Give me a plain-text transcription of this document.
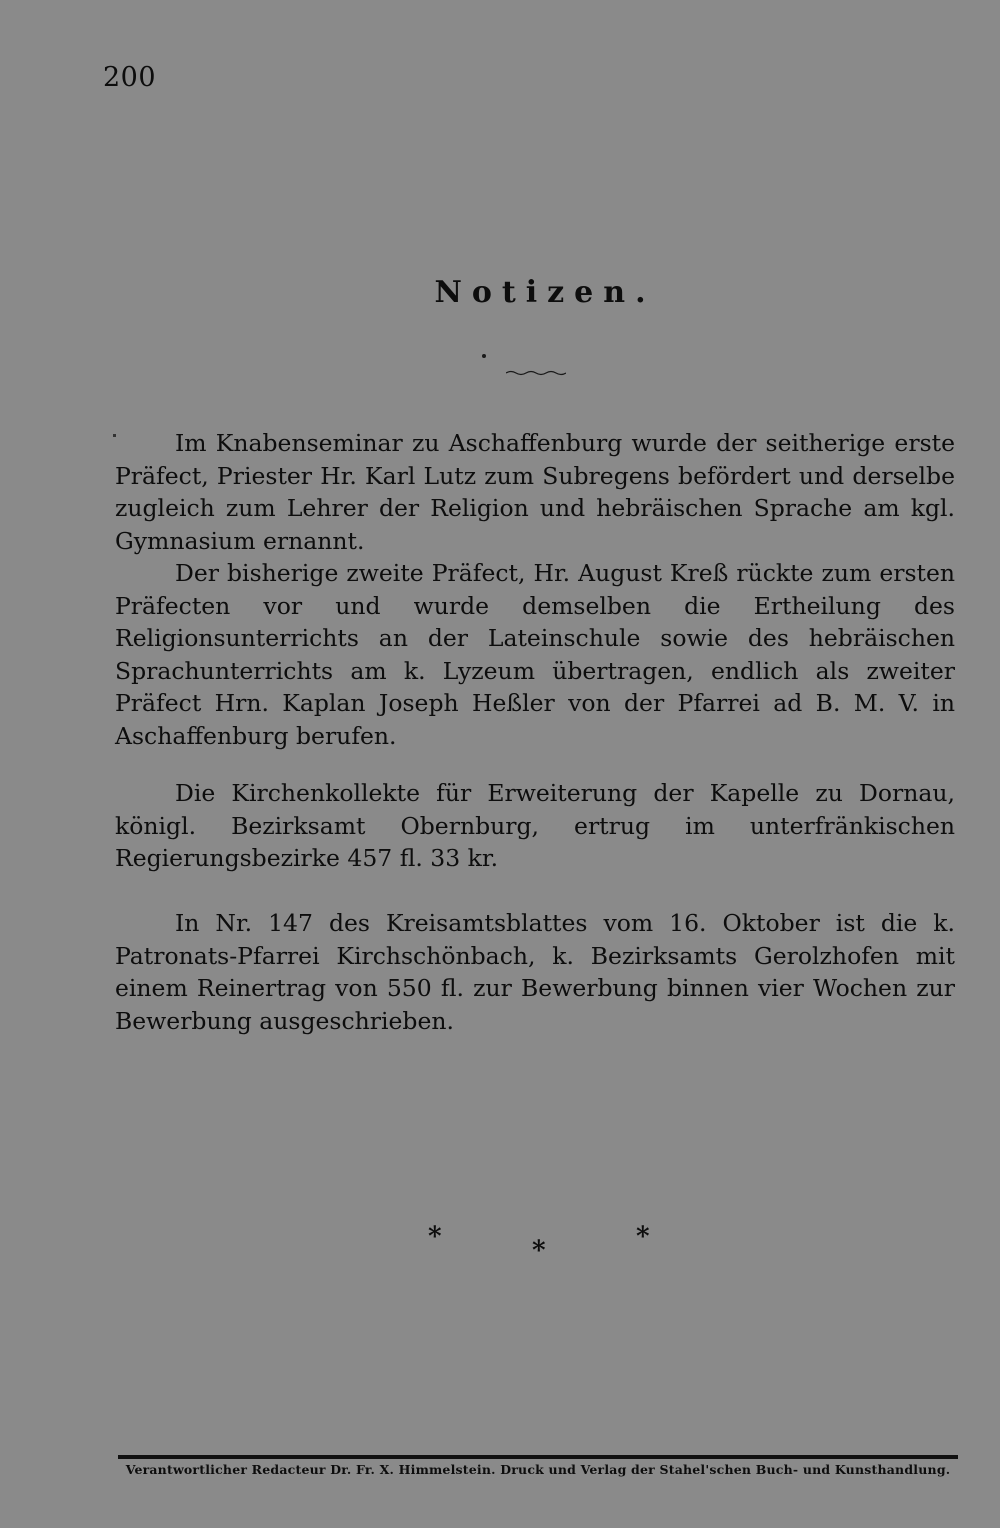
200
Notizen.

Im Knabenseminar zu Aschaffenburg wurde der seitherige erste Präfect, Priester Hr. Karl Lutz zum Subregens befördert und derselbe zugleich zum Lehrer der Religion und hebräischen Sprache am kgl. Gymnasium ernannt.

Der bisherige zweite Präfect, Hr. August Kreß rückte zum ersten Präfecten vor und wurde demselben die Ertheilung des Religionsunterrichts an der Lateinschule sowie des hebräischen Sprachunterrichts am k. Lyzeum übertragen, endlich als zweiter Präfect Hrn. Kaplan Joseph Heßler von der Pfarrei ad B. M. V. in Aschaffenburg berufen.

Die Kirchenkollekte für Erweiterung der Kapelle zu Dornau, königl. Bezirksamt Obernburg, ertrug im unterfränkischen Regierungsbezirke 457 fl. 33 kr.

In Nr. 147 des Kreisamtsblattes vom 16. Oktober ist die k. Patronats-Pfarrei Kirchschönbach, k. Bezirksamts Gerolzhofen mit einem Reinertrag von 550 fl. zur Bewerbung binnen vier Wochen zur Bewerbung ausgeschrieben.

*	*	*
Verantwortlicher Redacteur Dr. Fr. X. Himmelstein. Druck und Verlag der Stahel'schen Buch- und Kunsthandlung.
